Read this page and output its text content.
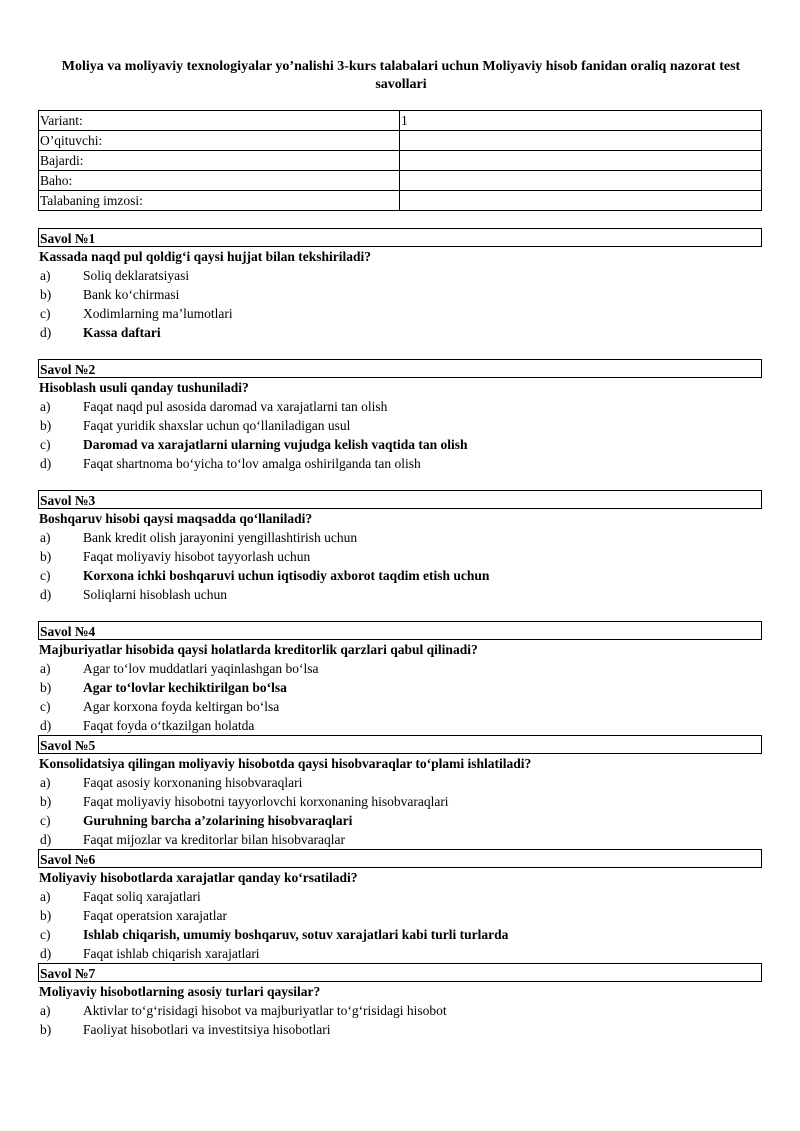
Moliya va moliyaviy texnologiyalar yo’nalishi 3-kurs talabalari uchun Moliyaviy hisob fanidan oraliq nazorat test savollari
Variant:	1
O’qituvchi:	
Bajardi:	
Baho:	
Talabaning imzosi:	
Savol №1
Kassada naqd pul qoldig‘i qaysi hujjat bilan tekshiriladi?
a) Soliq deklaratsiyasi
b) Bank ko‘chirmasi
c) Xodimlarning ma’lumotlari
d) Kassa daftari
Savol №2
Hisoblash usuli qanday tushuniladi?
a) Faqat naqd pul asosida daromad va xarajatlarni tan olish
b) Faqat yuridik shaxslar uchun qo‘llaniladigan usul
c) Daromad va xarajatlarni ularning vujudga kelish vaqtida tan olish
d) Faqat shartnoma bo‘yicha to‘lov amalga oshirilganda tan olish
Savol №3
Boshqaruv hisobi qaysi maqsadda qo‘llaniladi?
a) Bank kredit olish jarayonini yengillashtirish uchun
b) Faqat moliyaviy hisobot tayyorlash uchun
c) Korxona ichki boshqaruvi uchun iqtisodiy axborot taqdim etish uchun
d) Soliqlarni hisoblash uchun
Savol №4
Majburiyatlar hisobida qaysi holatlarda kreditorlik qarzlari qabul qilinadi?
a) Agar to‘lov muddatlari yaqinlashgan bo‘lsa
b) Agar to‘lovlar kechiktirilgan bo‘lsa
c) Agar korxona foyda keltirgan bo‘lsa
d) Faqat foyda o‘tkazilgan holatda
Savol №5
Konsolidatsiya qilingan moliyaviy hisobotda qaysi hisobvaraqlar to‘plami ishlatiladi?
a) Faqat asosiy korxonaning hisobvaraqlari
b) Faqat moliyaviy hisobotni tayyorlovchi korxonaning hisobvaraqlari
c) Guruhning barcha a’zolarining hisobvaraqlari
d) Faqat mijozlar va kreditorlar bilan hisobvaraqlar
Savol №6
Moliyaviy hisobotlarda xarajatlar qanday ko‘rsatiladi?
a) Faqat soliq xarajatlari
b) Faqat operatsion xarajatlar
c) Ishlab chiqarish, umumiy boshqaruv, sotuv xarajatlari kabi turli turlarda
d) Faqat ishlab chiqarish xarajatlari
Savol №7
Moliyaviy hisobotlarning asosiy turlari qaysilar?
a) Aktivlar to‘g‘risidagi hisobot va majburiyatlar to‘g‘risidagi hisobot
b) Faoliyat hisobotlari va investitsiya hisobotlari
